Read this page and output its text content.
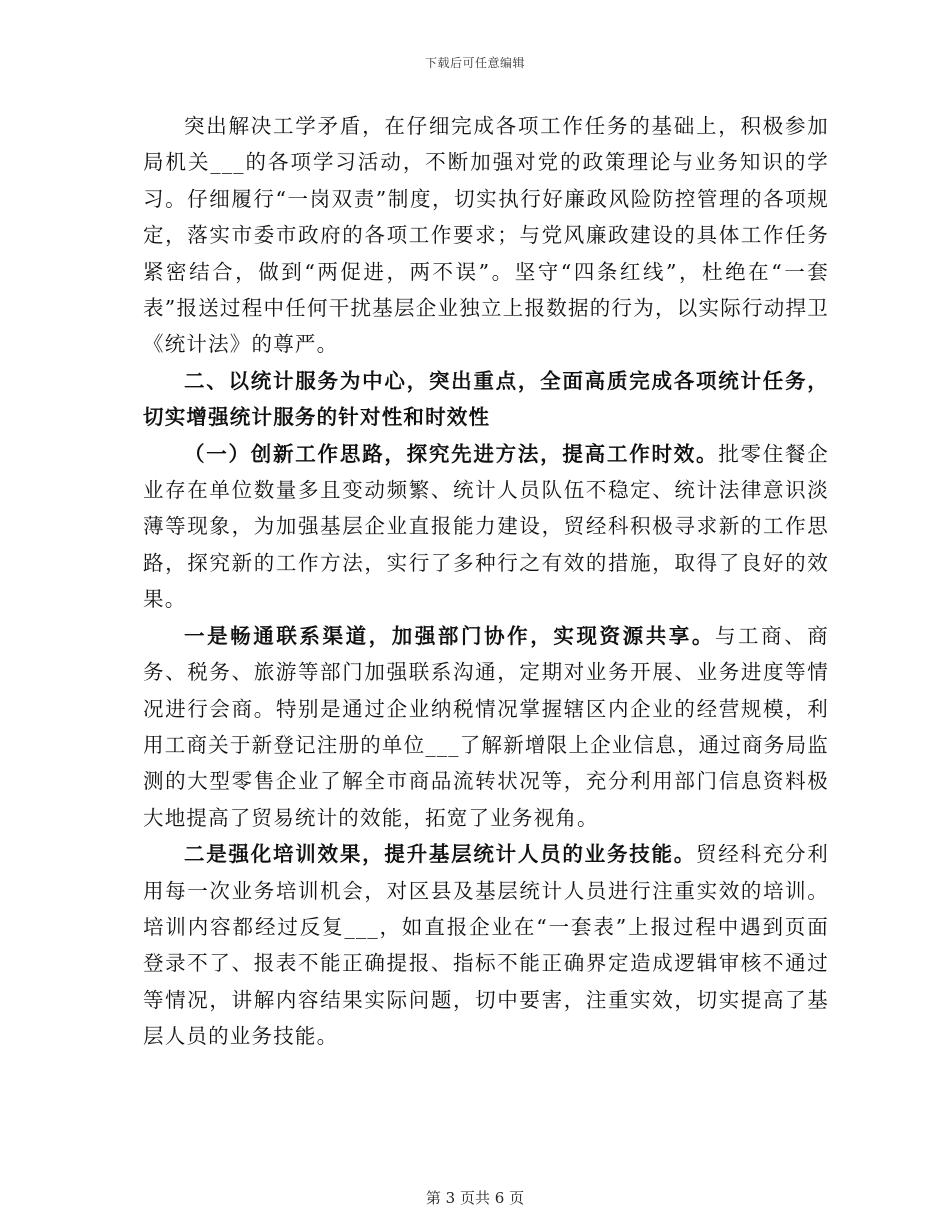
下载后可任意编辑

突出解决工学矛盾，在仔细完成各项工作任务的基础上，积极参加局机关___的各项学习活动，不断加强对党的政策理论与业务知识的学习。仔细履行“一岗双责”制度，切实执行好廉政风险防控管理的各项规定，落实市委市政府的各项工作要求；与党风廉政建设的具体工作任务紧密结合，做到“两促进，两不误”。坚守“四条红线”，杜绝在“一套表”报送过程中任何干扰基层企业独立上报数据的行为，以实际行动捍卫《统计法》的尊严。

二、以统计服务为中心，突出重点，全面高质完成各项统计任务，切实增强统计服务的针对性和时效性

（一）创新工作思路，探究先进方法，提高工作时效。批零住餐企业存在单位数量多且变动频繁、统计人员队伍不稳定、统计法律意识淡薄等现象，为加强基层企业直报能力建设，贸经科积极寻求新的工作思路，探究新的工作方法，实行了多种行之有效的措施，取得了良好的效果。

一是畅通联系渠道，加强部门协作，实现资源共享。与工商、商务、税务、旅游等部门加强联系沟通，定期对业务开展、业务进度等情况进行会商。特别是通过企业纳税情况掌握辖区内企业的经营规模，利用工商关于新登记注册的单位___了解新增限上企业信息，通过商务局监测的大型零售企业了解全市商品流转状况等，充分利用部门信息资料极大地提高了贸易统计的效能，拓宽了业务视角。

二是强化培训效果，提升基层统计人员的业务技能。贸经科充分利用每一次业务培训机会，对区县及基层统计人员进行注重实效的培训。培训内容都经过反复___，如直报企业在“一套表”上报过程中遇到页面登录不了、报表不能正确提报、指标不能正确界定造成逻辑审核不通过等情况，讲解内容结果实际问题，切中要害，注重实效，切实提高了基层人员的业务技能。

第 3 页共 6 页
